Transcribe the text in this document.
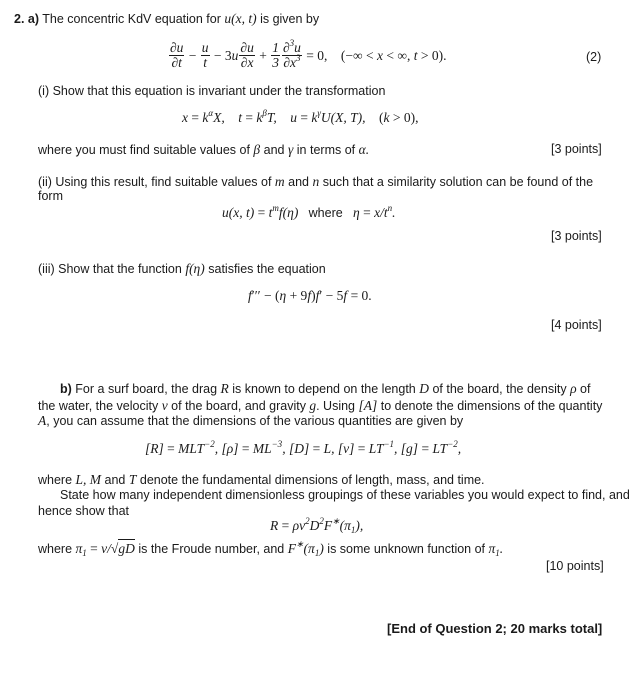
2. a) The concentric KdV equation for u(x, t) is given by
$\frac{\partial u}{\partial t} - \frac{u}{t} - 3$ u $\frac{\partial u}{\partial x} + \frac{1}{3} \frac{\partial^3u}{\partial x^3} = 0$,    (−∞ < x < ∞, t > 0).	(2)
(i) Show that this equation is invariant under the transformation
$x = k^\alpha X$,    $t = k^\beta T$,    $u = k^\gamma U(X$, T),    (k > 0),
where you must find suitable values of β and γ in terms of α.	[3 points]
(ii) Using this result, find suitable values of m and n such that a similarity solution can be found of the
form
u(x, $t) = t^mf(\eta)$   where   $\eta = x/t^n$.
[3 points]
(iii) Show that the function f(η) satisfies the equation
f′′′ − (η + 9f)f′ − 5f = 0.
[4 points]
b) For a surf board, the drag R is known to depend on the length D of the board, the density ρ of
the water, the velocity v of the board, and gravity g. Using [A] to denote the dimensions of the quantity
A, you can assume that the dimensions of the various quantities are given by
$[R] = MLT^{-2}$, $[\rho] = ML^{-3}$, [D] = L, $[v] = LT^{-1}$, $[g] = LT^{-2}$,
where L, M and T denote the fundamental dimensions of length, mass, and time.
State how many independent dimensionless groupings of these variables you would expect to find, and
hence show that
$R = \rho v^2D^2F^∗(\pi_1)$,
where $\pi_1 = v/√gD$ is the Froude number, and $F^∗(\pi_1)$ is some unknown function of $\pi_1$.
[10 points]
[End of Question 2; 20 marks total]
